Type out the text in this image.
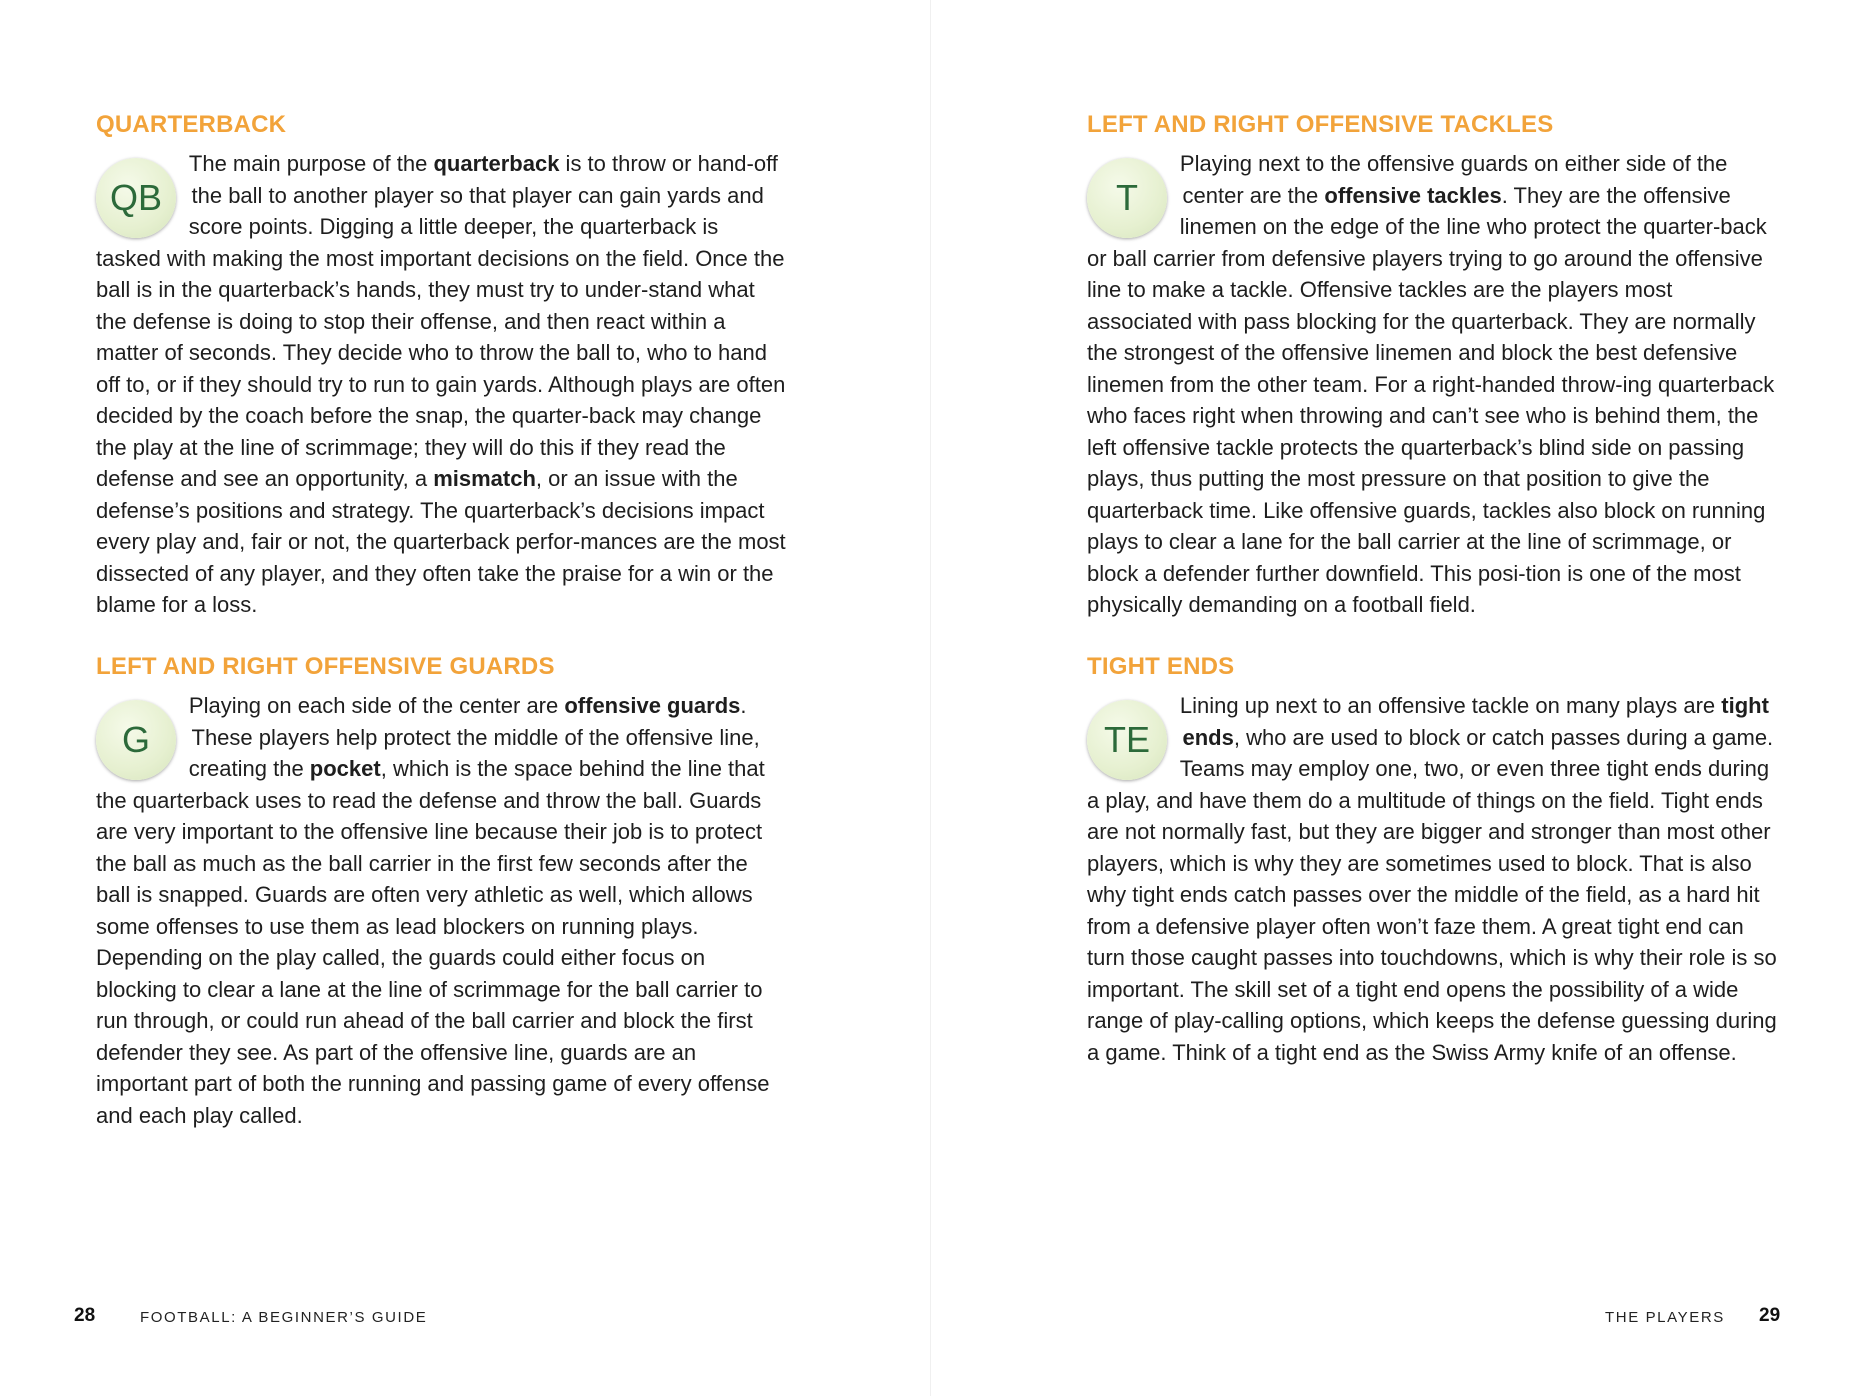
QUARTERBACK

QB
The main purpose of the quarterback is to throw or hand-off the ball to another player so that player can gain yards and score points. Digging a little deeper, the quarterback is tasked with making the most important decisions on the field. Once the ball is in the quarterback’s hands, they must try to under-stand what the defense is doing to stop their offense, and then react within a matter of seconds. They decide who to throw the ball to, who to hand off to, or if they should try to run to gain yards. Although plays are often decided by the coach before the snap, the quarter-back may change the play at the line of scrimmage; they will do this if they read the defense and see an opportunity, a mismatch, or an issue with the defense’s positions and strategy. The quarterback’s decisions impact every play and, fair or not, the quarterback perfor-mances are the most dissected of any player, and they often take the praise for a win or the blame for a loss.

LEFT AND RIGHT OFFENSIVE GUARDS

G
Playing on each side of the center are offensive guards. These players help protect the middle of the offensive line, creating the pocket, which is the space behind the line that the quarterback uses to read the defense and throw the ball. Guards are very important to the offensive line because their job is to protect the ball as much as the ball carrier in the first few seconds after the ball is snapped. Guards are often very athletic as well, which allows some offenses to use them as lead blockers on running plays. Depending on the play called, the guards could either focus on blocking to clear a lane at the line of scrimmage for the ball carrier to run through, or could run ahead of the ball carrier and block the first defender they see. As part of the offensive line, guards are an important part of both the running and passing game of every offense and each play called.

28	FOOTBALL: A BEGINNER’S GUIDE
LEFT AND RIGHT OFFENSIVE TACKLES

T
Playing next to the offensive guards on either side of the center are the offensive tackles. They are the offensive linemen on the edge of the line who protect the quarter-back or ball carrier from defensive players trying to go around the offensive line to make a tackle. Offensive tackles are the players most associated with pass blocking for the quarterback. They are normally the strongest of the offensive linemen and block the best defensive linemen from the other team. For a right-handed throw-ing quarterback who faces right when throwing and can’t see who is behind them, the left offensive tackle protects the quarterback’s blind side on passing plays, thus putting the most pressure on that position to give the quarterback time. Like offensive guards, tackles also block on running plays to clear a lane for the ball carrier at the line of scrimmage, or block a defender further downfield. This posi-tion is one of the most physically demanding on a football field.

TIGHT ENDS

TE
Lining up next to an offensive tackle on many plays are tight ends, who are used to block or catch passes during a game. Teams may employ one, two, or even three tight ends during a play, and have them do a multitude of things on the field. Tight ends are not normally fast, but they are bigger and stronger than most other players, which is why they are sometimes used to block. That is also why tight ends catch passes over the middle of the field, as a hard hit from a defensive player often won’t faze them. A great tight end can turn those caught passes into touchdowns, which is why their role is so important. The skill set of a tight end opens the possibility of a wide range of play-calling options, which keeps the defense guessing during a game. Think of a tight end as the Swiss Army knife of an offense.

THE PLAYERS 29
